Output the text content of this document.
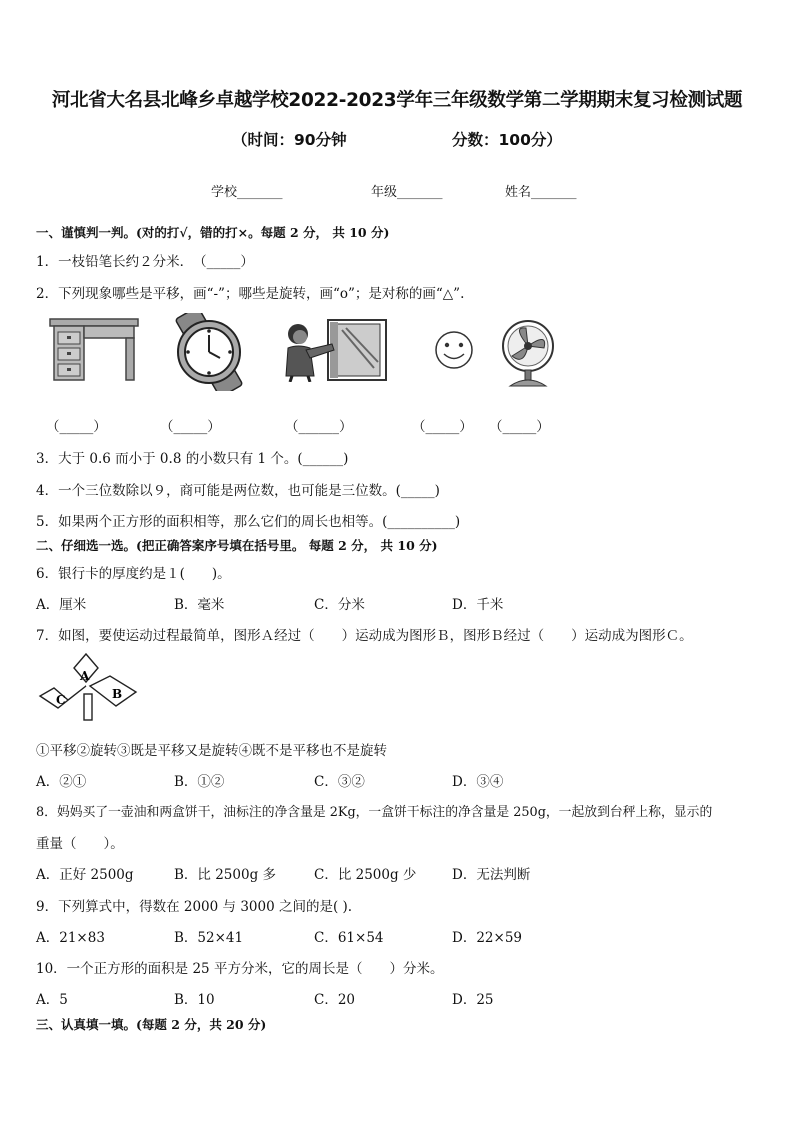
河北省大名县北峰乡卓越学校2022-2023学年三年级数学第二学期期末复习检测试题
（时间：90分钟	分数：100分）
学校_______	年级_______	姓名_______
一、谨慎判一判。(对的打√，错的打×。每题 2 分， 共 10 分)
1．一枝铅笔长约２分米．　（_____）
2．下列现象哪些是平移，画“-”；哪些是旋转，画“o”；是对称的画“△”.
（_____）	（_____）	（______）	（_____） （_____）
3．大于 0.6 而小于 0.8 的小数只有 1 个。(______)
4．一个三位数除以９，商可能是两位数，也可能是三位数。(_____)
5．如果两个正方形的面积相等，那么它们的周长也相等。(__________)
二、仔细选一选。(把正确答案序号填在括号里。 每题 2 分， 共 10 分)
6．银行卡的厚度约是１(　　)。
A．厘米	B．毫米	C．分米	D．千米
7．如图，要使运动过程最简单，图形Ａ经过（　　）运动成为图形Ｂ，图形Ｂ经过（　　）运动成为图形Ｃ。
A
B
C
①平移②旋转③既是平移又是旋转④既不是平移也不是旋转
A．②①	B．①②	C．③②	D．③④
8．妈妈买了一壶油和两盒饼干，油标注的净含量是 2Kg，一盒饼干标注的净含量是 250g，一起放到台秤上称，显示的
重量（　　）。
A．正好 2500g	B．比 2500g 多	C．比 2500g 少	D．无法判断
9．下列算式中，得数在 2000 与 3000 之间的是( ).
A．21×83	B．52×41	C．61×54	D．22×59
10．一个正方形的面积是 25 平方分米，它的周长是（　　）分米。
A．5	B．10	C．20	D．25
三、认真填一填。(每题 2 分，共 20 分)
